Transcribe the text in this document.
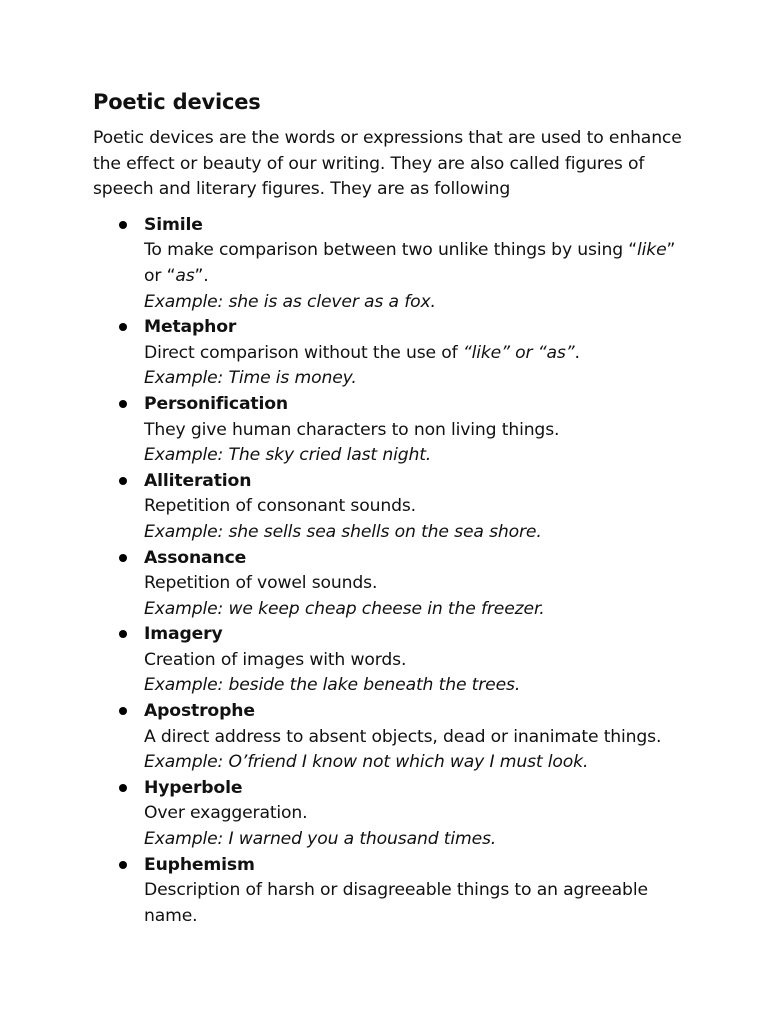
Poetic devices

Poetic devices are the words or expressions that are used to enhance the effect or beauty of our writing. They are also called figures of speech and literary figures. They are as following

Simile
To make comparison between two unlike things by using “like” or “as”.
Example: she is as clever as a fox.
Metaphor
Direct comparison without the use of “like” or “as”.
Example: Time is money.
Personification
They give human characters to non living things.
Example: The sky cried last night.
Alliteration
Repetition of consonant sounds.
Example: she sells sea shells on the sea shore.
Assonance
Repetition of vowel sounds.
Example: we keep cheap cheese in the freezer.
Imagery
Creation of images with words.
Example: beside the lake beneath the trees.
Apostrophe
A direct address to absent objects, dead or inanimate things.
Example: O’friend I know not which way I must look.
Hyperbole
Over exaggeration.
Example: I warned you a thousand times.
Euphemism
Description of harsh or disagreeable things to an agreeable name.
